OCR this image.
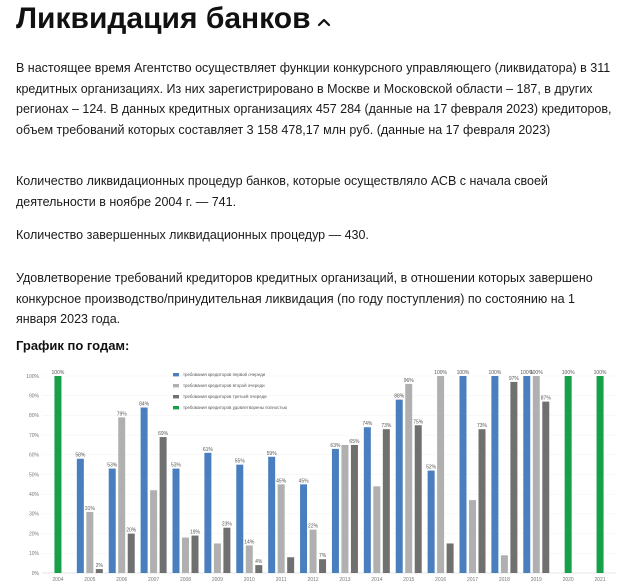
Ликвидация банков

В настоящее время Агентство осуществляет функции конкурсного управляющего (ликвидатора) в 311 кредитных организациях. Из них зарегистрировано в Москве и Московской области – 187, в других регионах – 124. В данных кредитных организациях 457 284 (данные на 17 февраля 2023) кредиторов, объем требований которых составляет 3 158 478,17 млн руб. (данные на 17 февраля 2023)

Количество ликвидационных процедур банков, которые осуществляло АСВ с начала своей деятельности в ноябре 2004 г. — 741.

Количество завершенных ликвидационных процедур — 430.

Удовлетворение требований кредиторов кредитных организаций, в отношении которых завершено конкурсное производство/принудительная ликвидация (по году поступления) по состоянию на 1 января 2023 года.

График по годам:
0%
10%
20%
30%
40%
50%
60%
70%
80%
90%
100%
100%
2004
58%
31%
2%
2005
53%
79%
20%
2006
84%
69%
2007
53%
19%
2008
61%
23%
2009
55%
14%
4%
2010
59%
45%
2011
45%
22%
7%
2012
63%
65%
2013
74% 73%
2014
88%
96%
75%
2015
52%
100%
2016
100%
73%
2017
100%
97%
2018
100%
100%
87%
2019
100%
2020
100%
2021
требования кредиторов первой очереди
требования кредиторов второй очереди
требования кредиторов третьей очереди
требования кредиторов удовлетворены полностью
